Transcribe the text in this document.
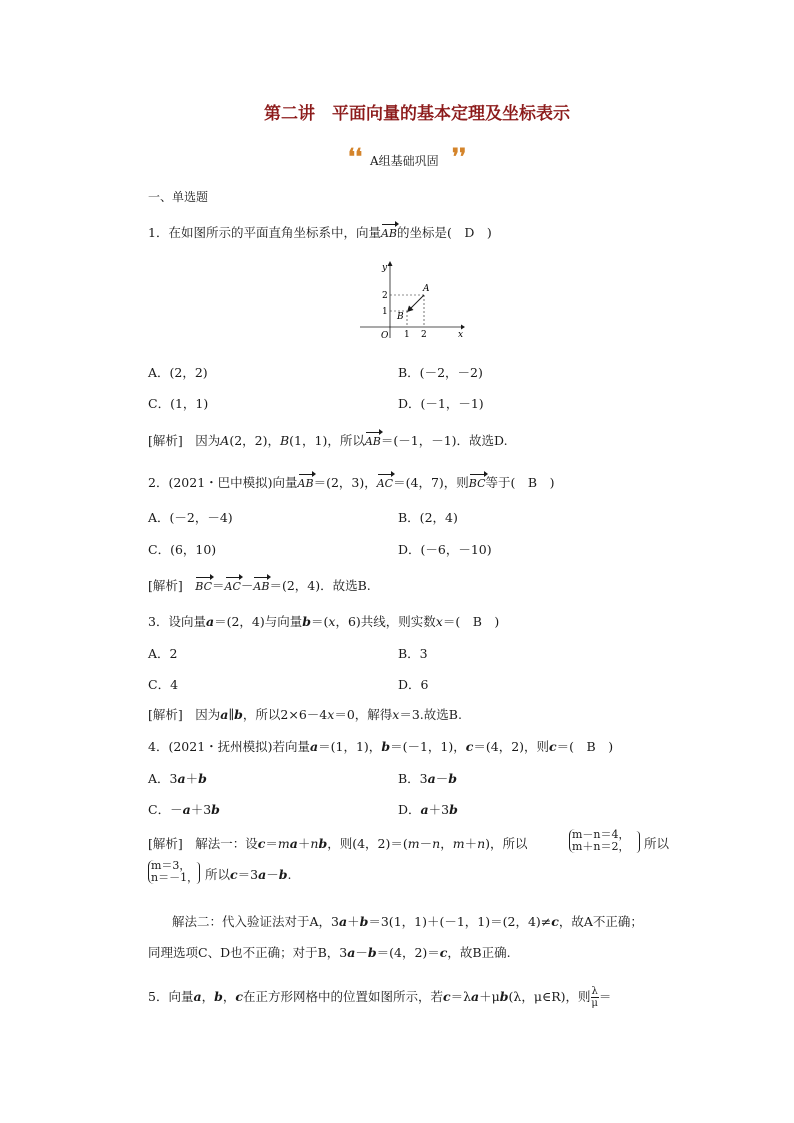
第二讲　平面向量的基本定理及坐标表示
❛❛ A组基础巩固 ❜❜
一、单选题
1．在如图所示的平面直角坐标系中，向量AB的坐标是(　D　)
y
x
O 1 2
1
2
A
B
A．(2，2)	B．(－2，－2)
C．(1，1)	D．(－1，－1)
[解析]　因为A(2，2)，B(1，1)，所以AB＝(－1，－1)．故选D.
2．(2021・巴中模拟)向量AB＝(2，3)，AC＝(4，7)，则BC等于(　B　)
A．(－2，－4)	B．(2，4)
C．(6，10)	D．(－6，－10)
[解析]　 BC＝AC－AB＝(2，4)．故选B.
3．设向量a＝(2，4)与向量b＝(x，6)共线，则实数x＝(　B　)
A．2	B．3
C．4	D．6
[解析]　因为a∥b，所以2×6－4x＝0，解得x＝3.故选B.
4．(2021・抚州模拟)若向量a＝(1，1)，b＝(－1，1)，c＝(4，2)，则c＝(　B　)
A．3a＋b	B．3a－b
C．－a＋3b	D．a＋3b
[解析]　解法一：设c＝ma＋nb，则(4，2)＝(m－n，m＋n)，所以
m－n＝4，
m＋n＝2， 所以
m＝3，
n＝－1， 所以c＝3a－b.
解法二：代入验证法对于A，3a＋b＝3(1，1)＋(－1，1)＝(2，4)≠c，故A不正确；
同理选项C、D也不正确；对于B，3a－b＝(4，2)＝c，故B正确.
5．向量a，b，c在正方形网格中的位置如图所示，若c＝λa＋μb(λ，μ∈R)，则 $\frac{\lambda}{\mu}$ ＝
